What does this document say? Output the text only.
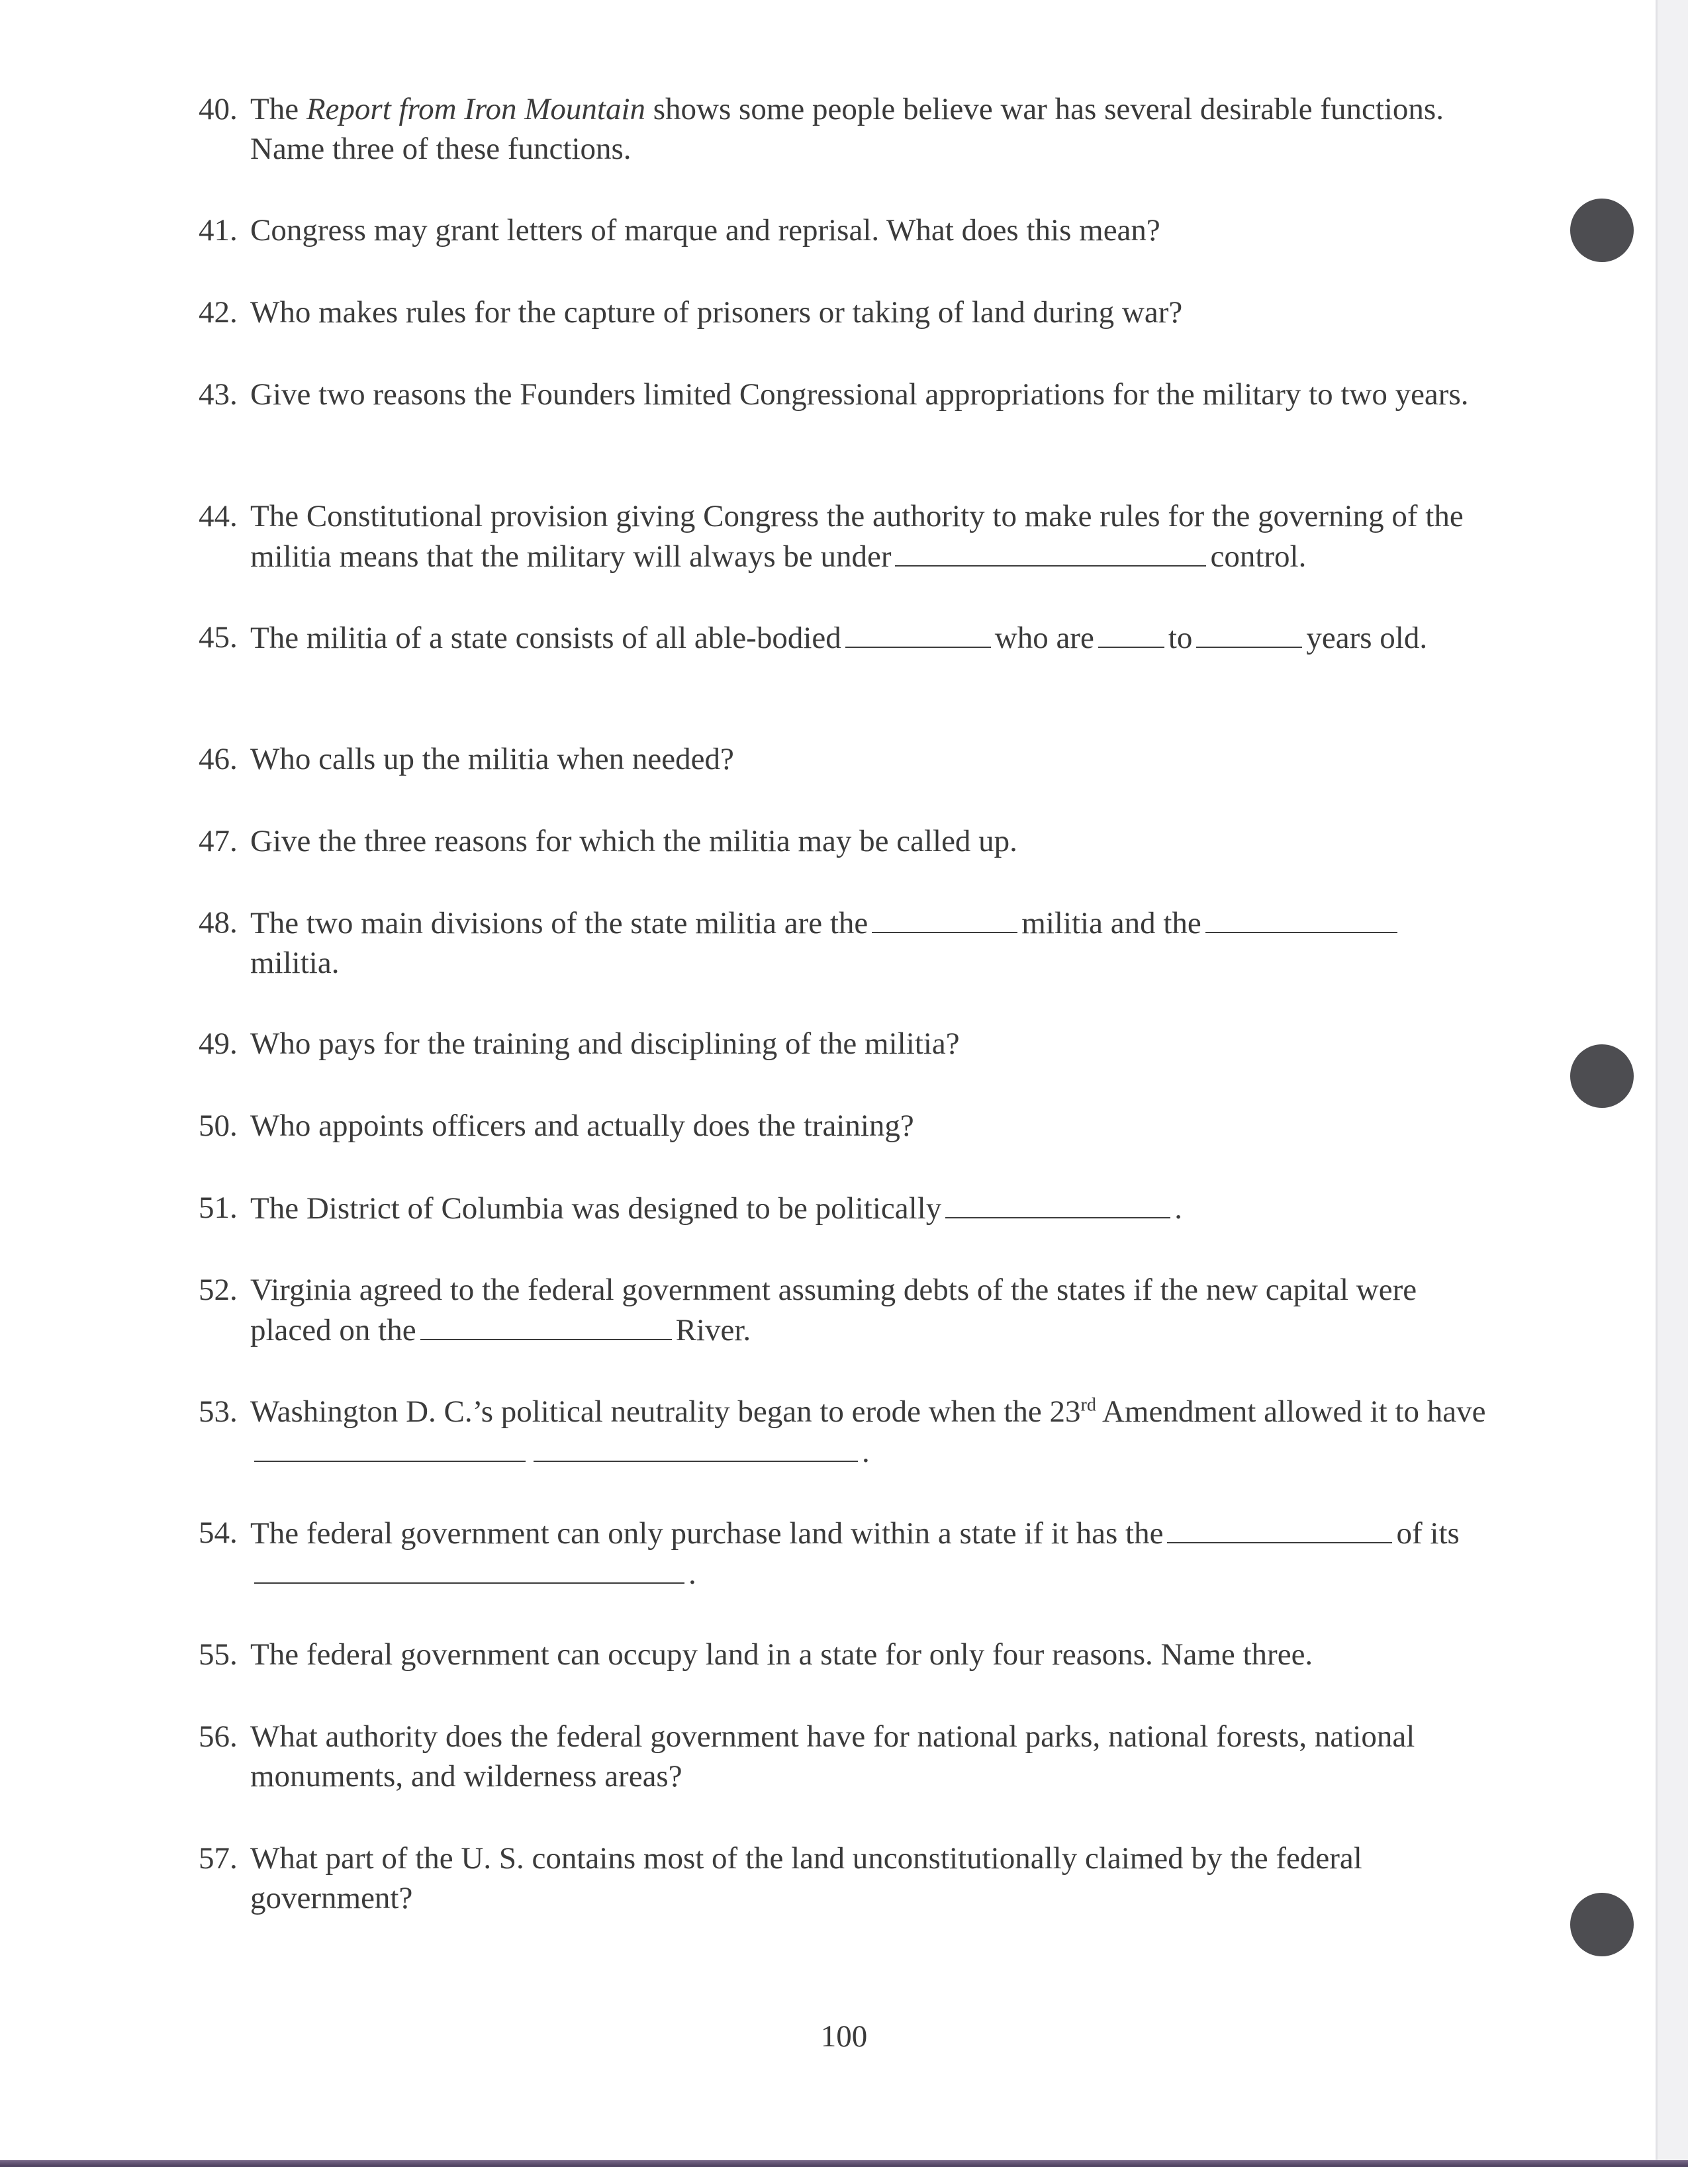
40. The Report from Iron Mountain shows some people believe war has several desirable functions. Name three of these functions.
41. Congress may grant letters of marque and reprisal. What does this mean?
42. Who makes rules for the capture of prisoners or taking of land during war?
43. Give two reasons the Founders limited Congressional appropriations for the military to two years.
44. The Constitutional provision giving Congress the authority to make rules for the governing of the militia means that the military will always be under	control.
45. The militia of a state consists of all able-bodied	who are to	years old.
46. Who calls up the militia when needed?
47. Give the three reasons for which the militia may be called up.
48. The two main divisions of the state militia are the	militia and the militia.
49. Who pays for the training and disciplining of the militia?
50. Who appoints officers and actually does the training?
51. The District of Columbia was designed to be politically	.
52. Virginia agreed to the federal government assuming debts of the states if the new capital were placed on the	River.
53. Washington D. C.’s political neutrality began to erode when the 23rd Amendment allowed it to have.
54. The federal government can only purchase land within a state if it has the	of its.
55. The federal government can occupy land in a state for only four reasons. Name three.
56. What authority does the federal government have for national parks, national forests, national monuments, and wilderness areas?
57. What part of the U. S. contains most of the land unconstitutionally claimed by the federal government?
100
